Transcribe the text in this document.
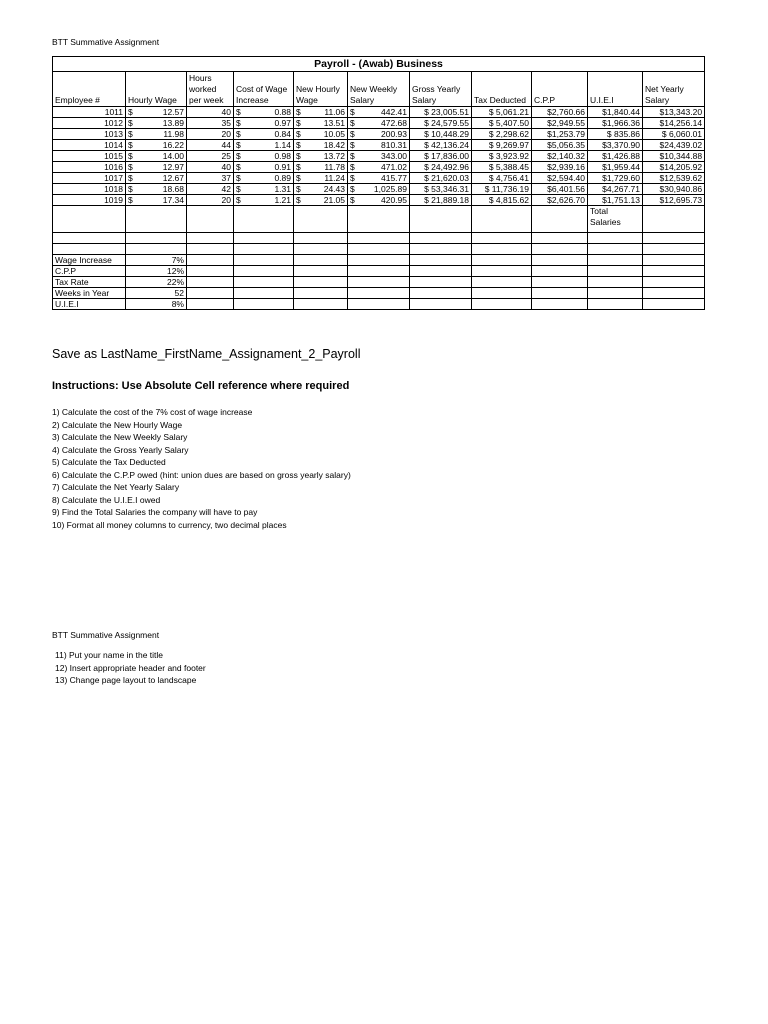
BTT Summative Assignment
Payroll - (Awab) Business										
Employee #	Hourly Wage	Hours worked per week	Cost of Wage Increase	New Hourly Wage	New Weekly Salary	Gross Yearly Salary	Tax Deducted	C.P.P	U.I.E.I	Net Yearly Salary
1011	$ 12.57	40	$ 0.88	$ 11.06	$ 442.41	$ 23,005.51	$ 5,061.21	$2,760.66	$1,840.44	$13,343.20
1012	$ 13.89	35	$ 0.97	$ 13.51	$ 472.68	$ 24,579.55	$ 5,407.50	$2,949.55	$1,966.36	$14,256.14
1013	$ 11.98	20	$ 0.84	$ 10.05	$ 200.93	$ 10,448.29	$ 2,298.62	$1,253.79	$ 835.86	$ 6,060.01
1014	$ 16.22	44	$ 1.14	$ 18.42	$ 810.31	$ 42,136.24	$ 9,269.97	$5,056.35	$3,370.90	$24,439.02
1015	$ 14.00	25	$ 0.98	$ 13.72	$ 343.00	$ 17,836.00	$ 3,923.92	$2,140.32	$1,426.88	$10,344.88
1016	$ 12.97	40	$ 0.91	$ 11.78	$ 471.02	$ 24,492.96	$ 5,388.45	$2,939.16	$1,959.44	$14,205.92
1017	$ 12.67	37	$ 0.89	$ 11.24	$ 415.77	$ 21,620.03	$ 4,756.41	$2,594.40	$1,729.60	$12,539.62
1018	$ 18.68	42	$ 1.31	$ 24.43	$ 1,025.89	$ 53,346.31	$ 11,736.19	$6,401.56	$4,267.71	$30,940.86
1019	$ 17.34	20	$ 1.21	$ 21.05	$ 420.95	$ 21,889.18	$ 4,815.62	$2,626.70	$1,751.13	$12,695.73
									Total Salaries	

Wage Increase	7%									
C.P.P	12%									
Tax Rate	22%									
Weeks in Year	52									
U.I.E.I	8%									
Save as LastName_FirstName_Assignament_2_Payroll
Instructions: Use Absolute Cell reference where required
1) Calculate the cost of the 7% cost of wage increase
2) Calculate the New Hourly Wage
3) Calculate the New Weekly Salary
4) Calculate the Gross Yearly Salary
5) Calculate the Tax Deducted
6) Calculate the C.P.P owed (hint: union dues are based on gross yearly salary)
7) Calculate the Net Yearly Salary
8) Calculate the U.I.E.I owed
9) Find the Total Salaries the company will have to pay
10) Format all money columns to currency, two decimal places
BTT Summative Assignment
11) Put your name in the title
12) Insert appropriate header and footer
13) Change page layout to landscape
